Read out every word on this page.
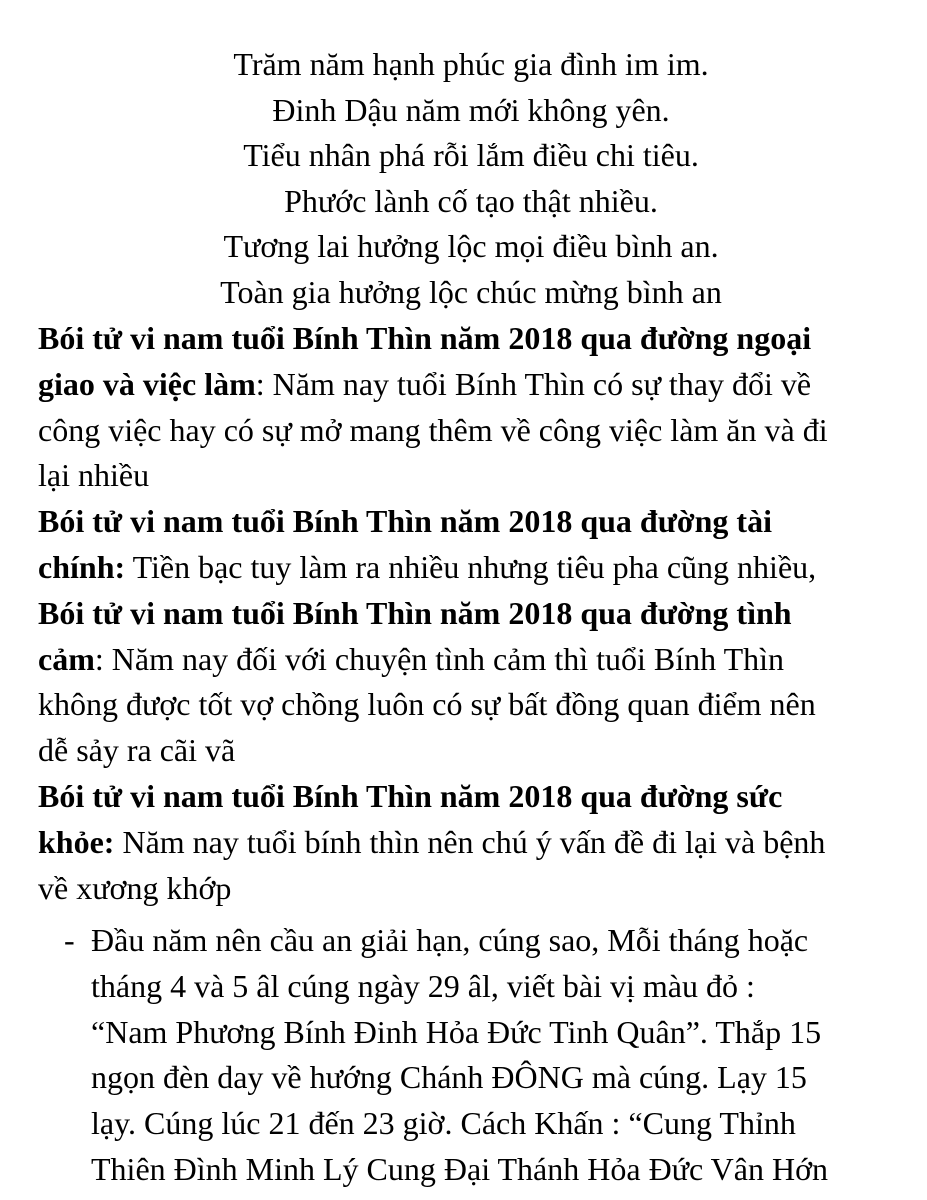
Trăm năm hạnh phúc gia đình im im.
Đinh Dậu năm mới không yên.
Tiểu nhân phá rỗi lắm điều chi tiêu.
Phước lành cố tạo thật nhiều.
Tương lai hưởng lộc mọi điều bình an.
Toàn gia hưởng lộc chúc mừng bình an
Bói tử vi nam tuổi Bính Thìn năm 2018 qua đường ngoại
giao và việc làm: Năm nay tuổi Bính Thìn có sự thay đổi về
công việc hay có sự mở mang thêm về công việc làm ăn và đi
lại nhiều
Bói tử vi nam tuổi Bính Thìn năm 2018 qua đường tài
chính: Tiền bạc tuy làm ra nhiều nhưng tiêu pha cũng nhiều,
Bói tử vi nam tuổi Bính Thìn năm 2018 qua đường tình
cảm: Năm nay đối với chuyện tình cảm thì tuổi Bính Thìn
không được tốt vợ chồng luôn có sự bất đồng quan điểm nên
dễ sảy ra cãi vã
Bói tử vi nam tuổi Bính Thìn năm 2018 qua đường sức
khỏe: Năm nay tuổi bính thìn nên chú ý vấn đề đi lại và bệnh
về xương khớp
- Đầu năm nên cầu an giải hạn, cúng sao, Mỗi tháng hoặc
tháng 4 và 5 âl cúng ngày 29 âl, viết bài vị màu đỏ :
“Nam Phương Bính Đinh Hỏa Đức Tinh Quân”. Thắp 15
ngọn đèn day về hướng Chánh ĐÔNG mà cúng. Lạy 15
lạy. Cúng lúc 21 đến 23 giờ. Cách Khấn : “Cung Thỉnh
Thiên Đình Minh Lý Cung Đại Thánh Hỏa Đức Vân Hớn
